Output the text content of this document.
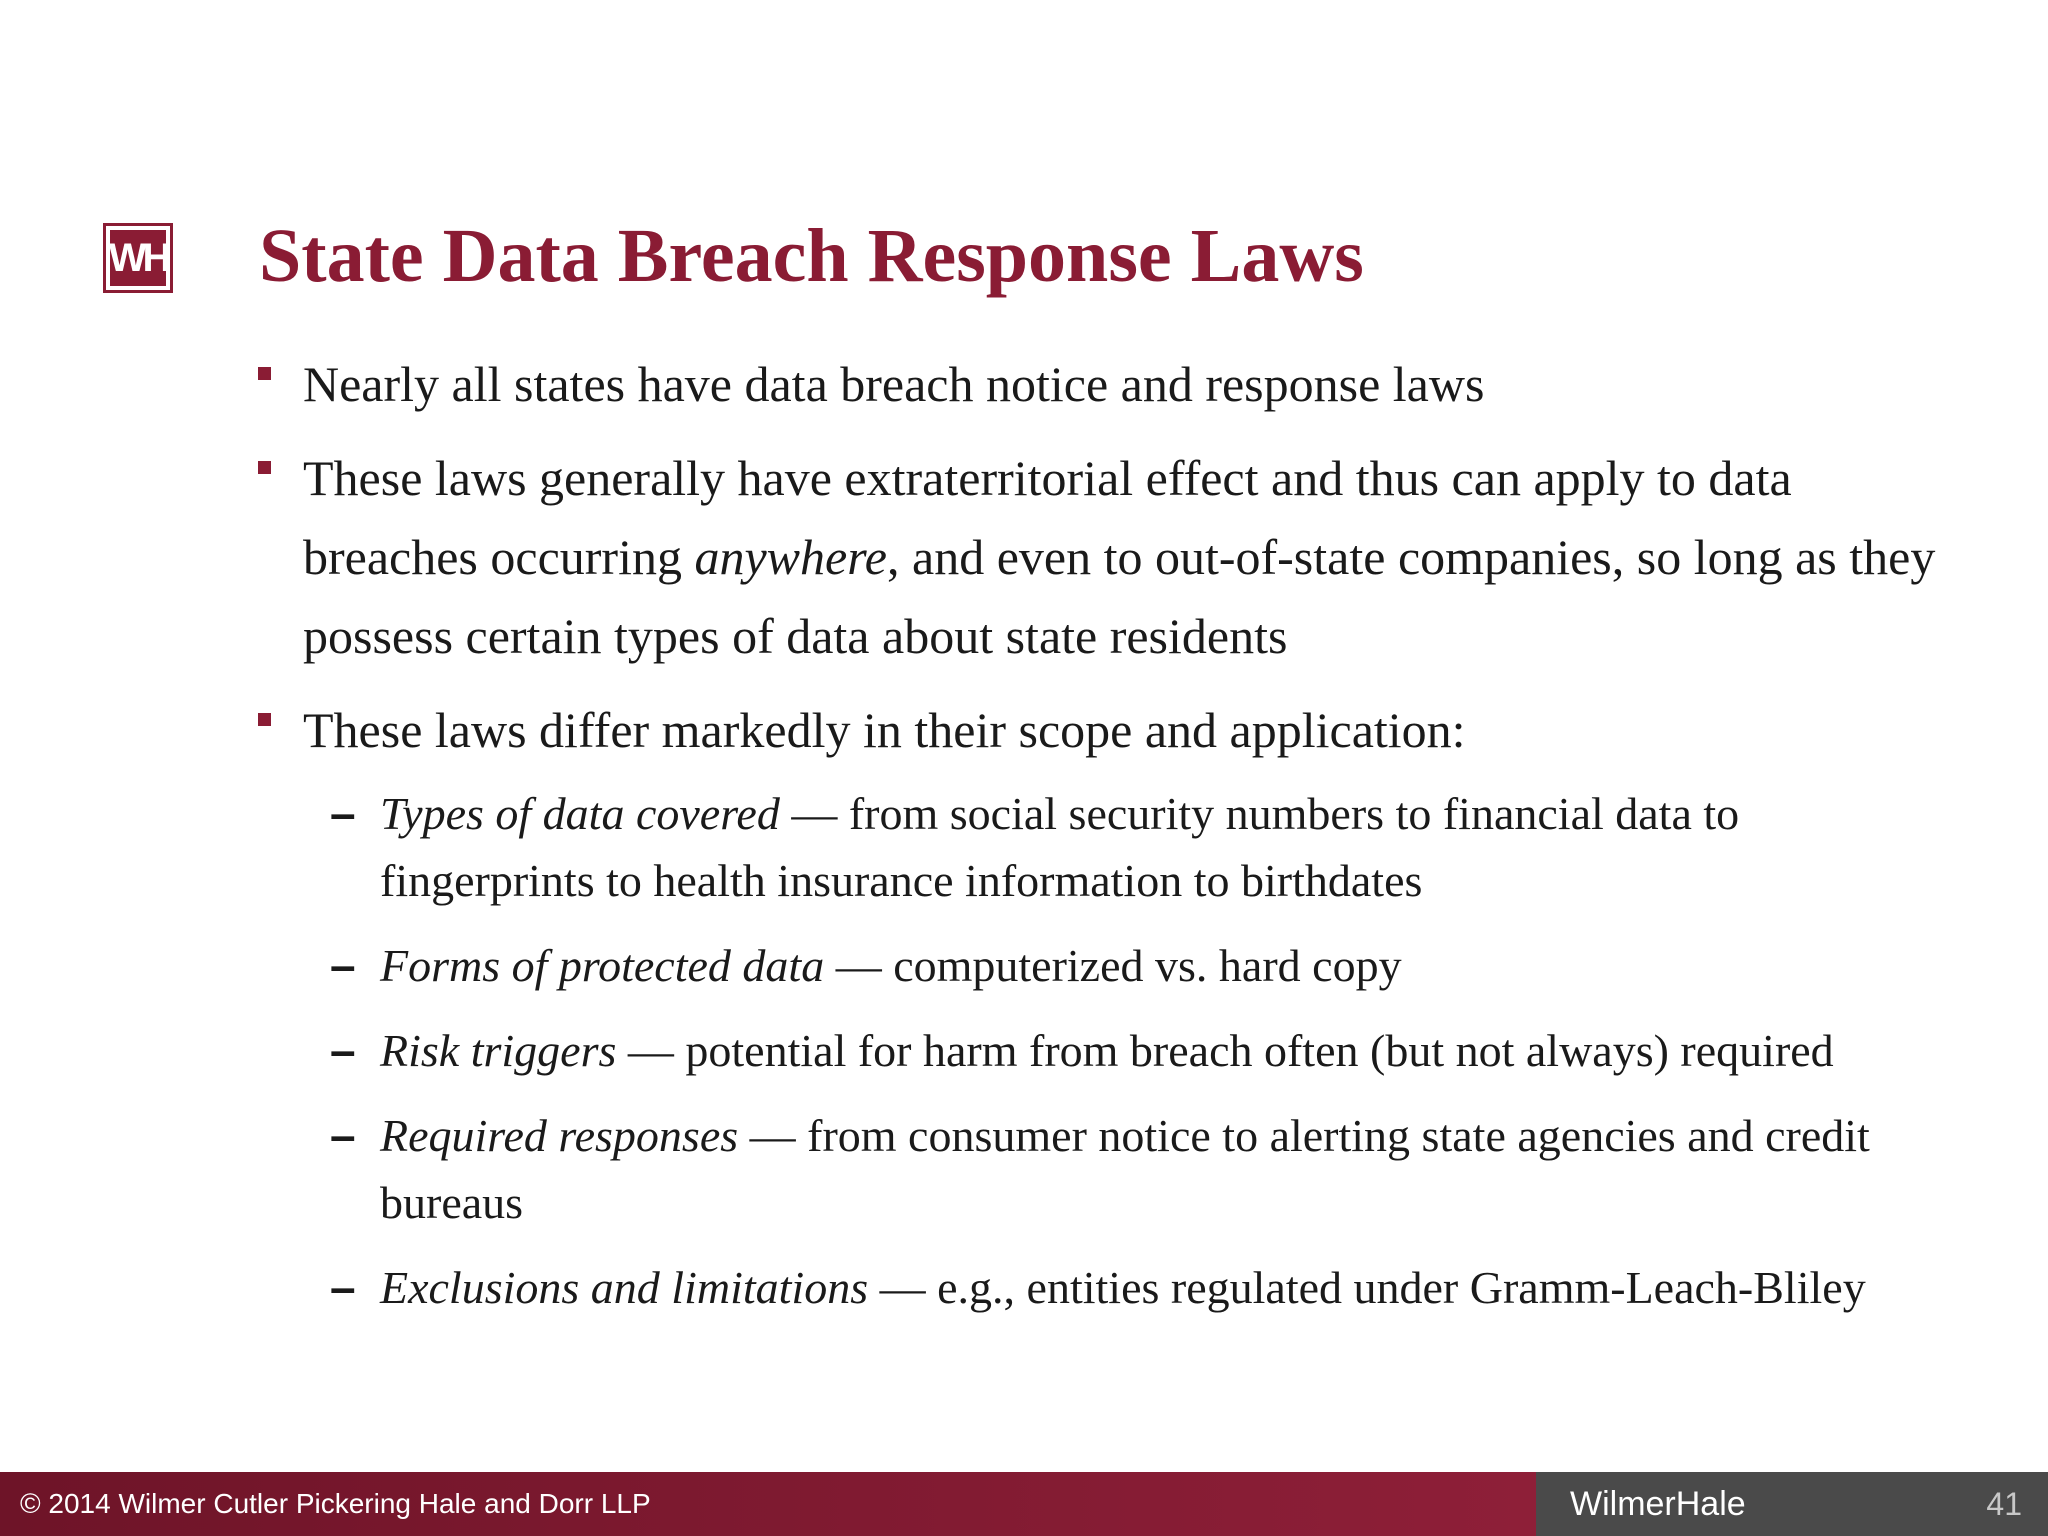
WH State Data Breach Response Laws
Nearly all states have data breach notice and response laws
These laws generally have extraterritorial effect and thus can apply to data breaches occurring anywhere, and even to out-of-state companies, so long as they possess certain types of data about state residents
These laws differ markedly in their scope and application:
– Types of data covered — from social security numbers to financial data to fingerprints to health insurance information to birthdates
– Forms of protected data — computerized vs. hard copy
– Risk triggers — potential for harm from breach often (but not always) required
– Required responses — from consumer notice to alerting state agencies and credit bureaus
– Exclusions and limitations — e.g., entities regulated under Gramm-Leach-Bliley
© 2014 Wilmer Cutler Pickering Hale and Dorr LLP	WilmerHale	41
